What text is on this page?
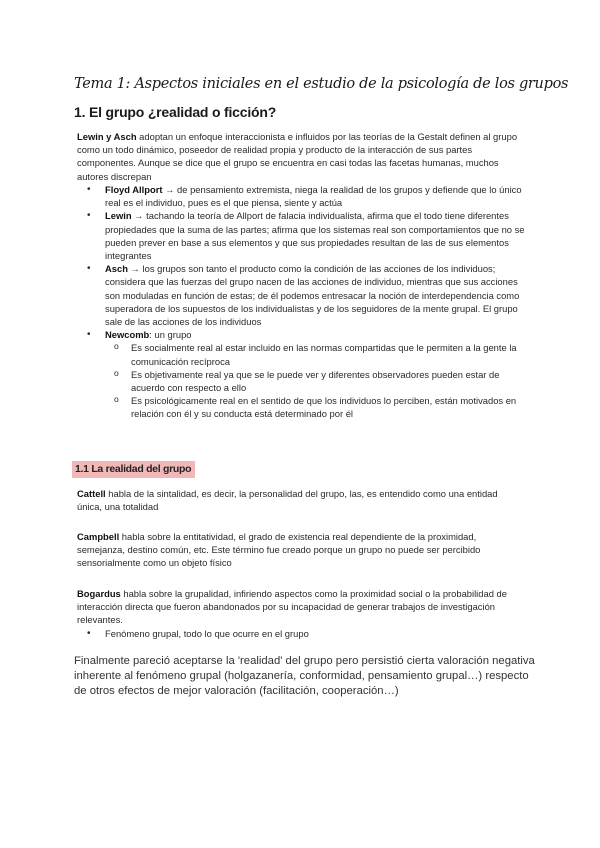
Tema 1: Aspectos iniciales en el estudio de la psicología de los grupos
1. El grupo ¿realidad o ficción?

Lewin y Asch adoptan un enfoque interaccionista e influidos por las teorías de la Gestalt definen al grupo como un todo dinámico, poseedor de realidad propia y producto de la interacción de sus partes componentes. Aunque se dice que el grupo se encuentra en casi todas las facetas humanas, muchos autores discrepan

• Floyd Allport → de pensamiento extremista, niega la realidad de los grupos y defiende que lo único real es el individuo, pues es el que piensa, siente y actúa
• Lewin → tachando la teoría de Allport de falacia individualista, afirma que el todo tiene diferentes propiedades que la suma de las partes; afirma que los sistemas real son comportamientos que no se pueden prever en base a sus elementos y que sus propiedades resultan de las de sus elementos integrantes
• Asch → los grupos son tanto el producto como la condición de las acciones de los individuos; considera que las fuerzas del grupo nacen de las acciones de individuo, mientras que sus acciones son moduladas en función de estas; de él podemos entresacar la noción de interdependencia como superadora de los supuestos de los individualistas y de los seguidores de la mente grupal. El grupo sale de las acciones de los individuos
• Newcomb: un grupo
o Es socialmente real al estar incluido en las normas compartidas que le permiten a la gente la comunicación recíproca
o Es objetivamente real ya que se le puede ver y diferentes observadores pueden estar de acuerdo con respecto a ello
o Es psicológicamente real en el sentido de que los individuos lo perciben, están motivados en relación con él y su conducta está determinado por él
1.1 La realidad del grupo

Cattell habla de la sintalidad, es decir, la personalidad del grupo, las, es entendido como una entidad única, una totalidad

Campbell habla sobre la entitatividad, el grado de existencia real dependiente de la proximidad, semejanza, destino común, etc. Este término fue creado porque un grupo no puede ser percibido sensorialmente como un objeto físico

Bogardus habla sobre la grupalidad, infiriendo aspectos como la proximidad social o la probabilidad de interacción directa que fueron abandonados por su incapacidad de generar trabajos de investigación relevantes.

• Fenómeno grupal, todo lo que ocurre en el grupo

Finalmente pareció aceptarse la 'realidad' del grupo pero persistió cierta valoración negativa inherente al fenómeno grupal (holgazanería, conformidad, pensamiento grupal…) respecto de otros efectos de mejor valoración (facilitación, cooperación…)
